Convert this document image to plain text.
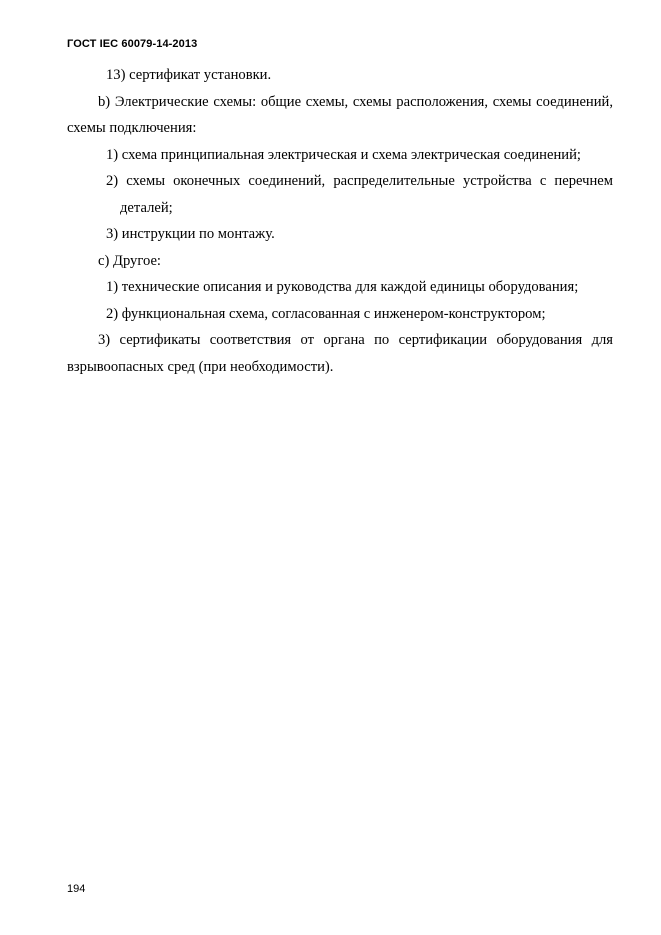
ГОСТ IEC 60079-14-2013

13) сертификат установки.

b) Электрические схемы: общие схемы, схемы расположения, схемы соединений, схемы подключения:

1) схема принципиальная электрическая и схема электрическая соединений;

2) схемы оконечных соединений, распределительные устройства с перечнем деталей;

3) инструкции по монтажу.

c) Другое:

1) технические описания и руководства для каждой единицы оборудования;

2) функциональная схема, согласованная с инженером-конструктором;

3) сертификаты соответствия от органа по сертификации оборудования для взрывоопасных сред (при необходимости).

194
